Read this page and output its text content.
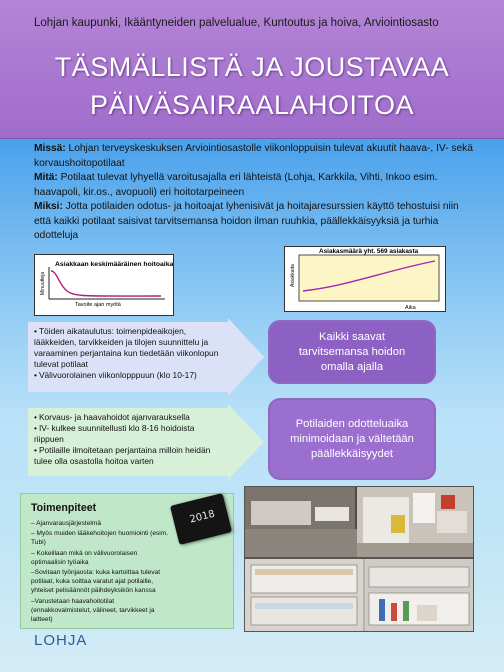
Lohjan kaupunki, Ikääntyneiden palvelualue, Kuntoutus ja hoiva, Arviointiosasto
TÄSMÄLLISTÄ JA JOUSTAVAA
PÄIVÄSAIRAALAHOITOA
Missä: Lohjan terveyskeskuksen Arviointiosastolle viikonloppuisin tulevat akuutit haava-, IV- sekä korvaushoitopotilaat
Mitä: Potilaat tulevat lyhyellä varoitusajalla eri lähteistä (Lohja, Karkkila, Vihti, Inkoo esim. haavapoli, kir.os., avopuoli) eri hoitotarpeineen
Miksi: Jotta potilaiden odotus- ja hoitoajat lyhenisivät ja hoitajaresurssien käyttö tehostuisi niin että kaikki potilaat saisivat tarvitsemansa hoidon ilman ruuhkia, päällekkäisyyksiä ja turhia odotteluja
Asiakkaan keskimääräinen hoitoaika
Minuutteja
Tavoite ajan myötä
Asiakasmäärä yht. 569 asiakasta
Asiakkaita
Aika
• Töiden aikataulutus: toimenpideaikojen, lääkkeiden, tarvikkeiden ja tilojen suunnittelu ja varaaminen perjantaina kun tiedetään viikonlopun tulevat potilaat
• Välivuorolainen viikonlopppuun (klo 10-17)
• Korvaus- ja haavahoidot ajanvarauksella
• IV- kulkee suunnitellusti klo 8-16 hoidoista riippuen
• Potilaille ilmoitetaan perjantaina milloin heidän tulee olla osastolla hoitoa varten
Kaikki saavat tarvitsemansa hoidon omalla ajalla
Potilaiden odotteluaika minimoidaan ja vältetään päällekkäisyydet
Toimenpiteet
– Ajanvarausjärjestelmä
– Myös muiden lääkehoitojen huomiointi (esim. Tubi)
– Kokeillaan mikä on välivuorolaisen optimaalisin työaika
–Sovitaan työnjaosta: kuka kartoittaa tulevat potilaat, kuka soittaa varatut ajat potilaille, yhteiset pelisäännöt päihdeyksikön kanssa
–Varustetaan haavahoitotilat (ennakkovalmistelut, välineet, tarvikkeet ja laitteet)
2018
LOHJA
